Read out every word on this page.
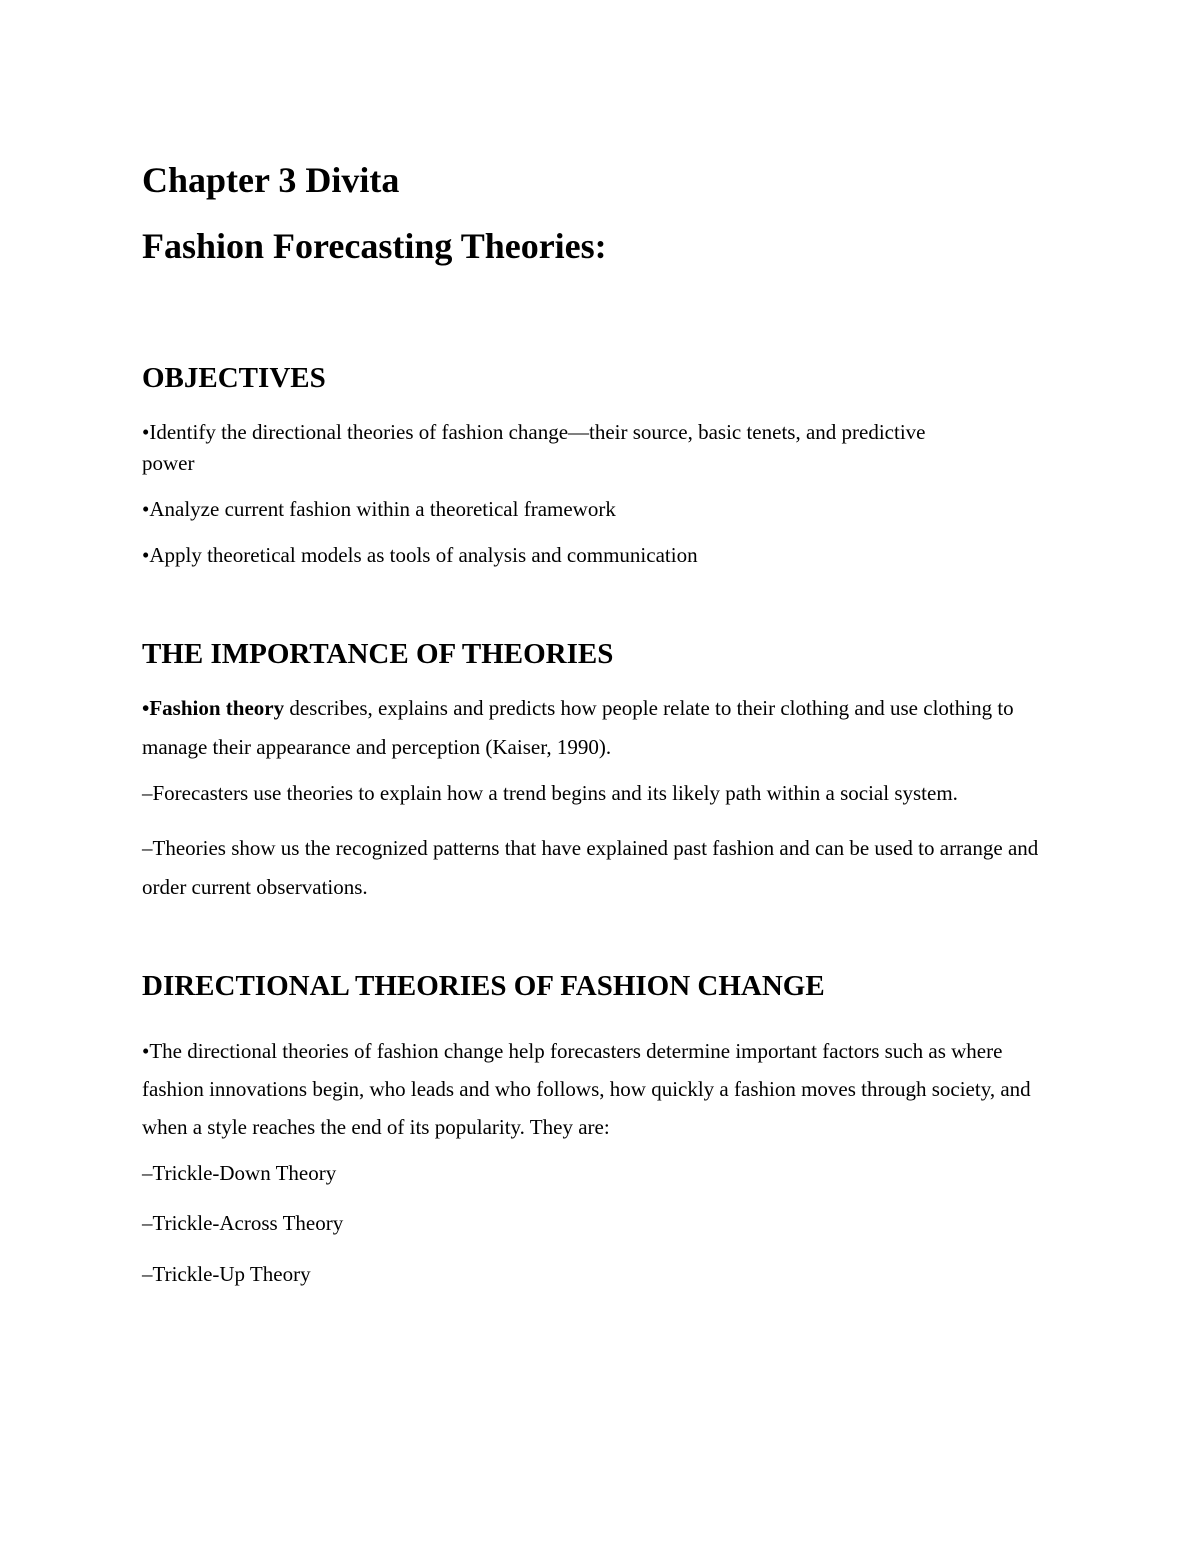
Chapter 3 Divita
Fashion Forecasting Theories:
OBJECTIVES

•Identify the directional theories of fashion change—their source, basic tenets, and predictive

power

•Analyze current fashion within a theoretical framework

•Apply theoretical models as tools of analysis and communication

THE IMPORTANCE OF THEORIES

•Fashion theory describes, explains and predicts how people relate to their clothing and use clothing to manage their appearance and perception (Kaiser, 1990).

–Forecasters use theories to explain how a trend begins and its likely path within a social system.

–Theories show us the recognized patterns that have explained past fashion and can be used to arrange and order current observations.

DIRECTIONAL THEORIES OF FASHION CHANGE

•The directional theories of fashion change help forecasters determine important factors such as where fashion innovations begin, who leads and who follows, how quickly a fashion moves through society, and when a style reaches the end of its popularity. They are:

–Trickle-Down Theory

–Trickle-Across Theory

–Trickle-Up Theory
